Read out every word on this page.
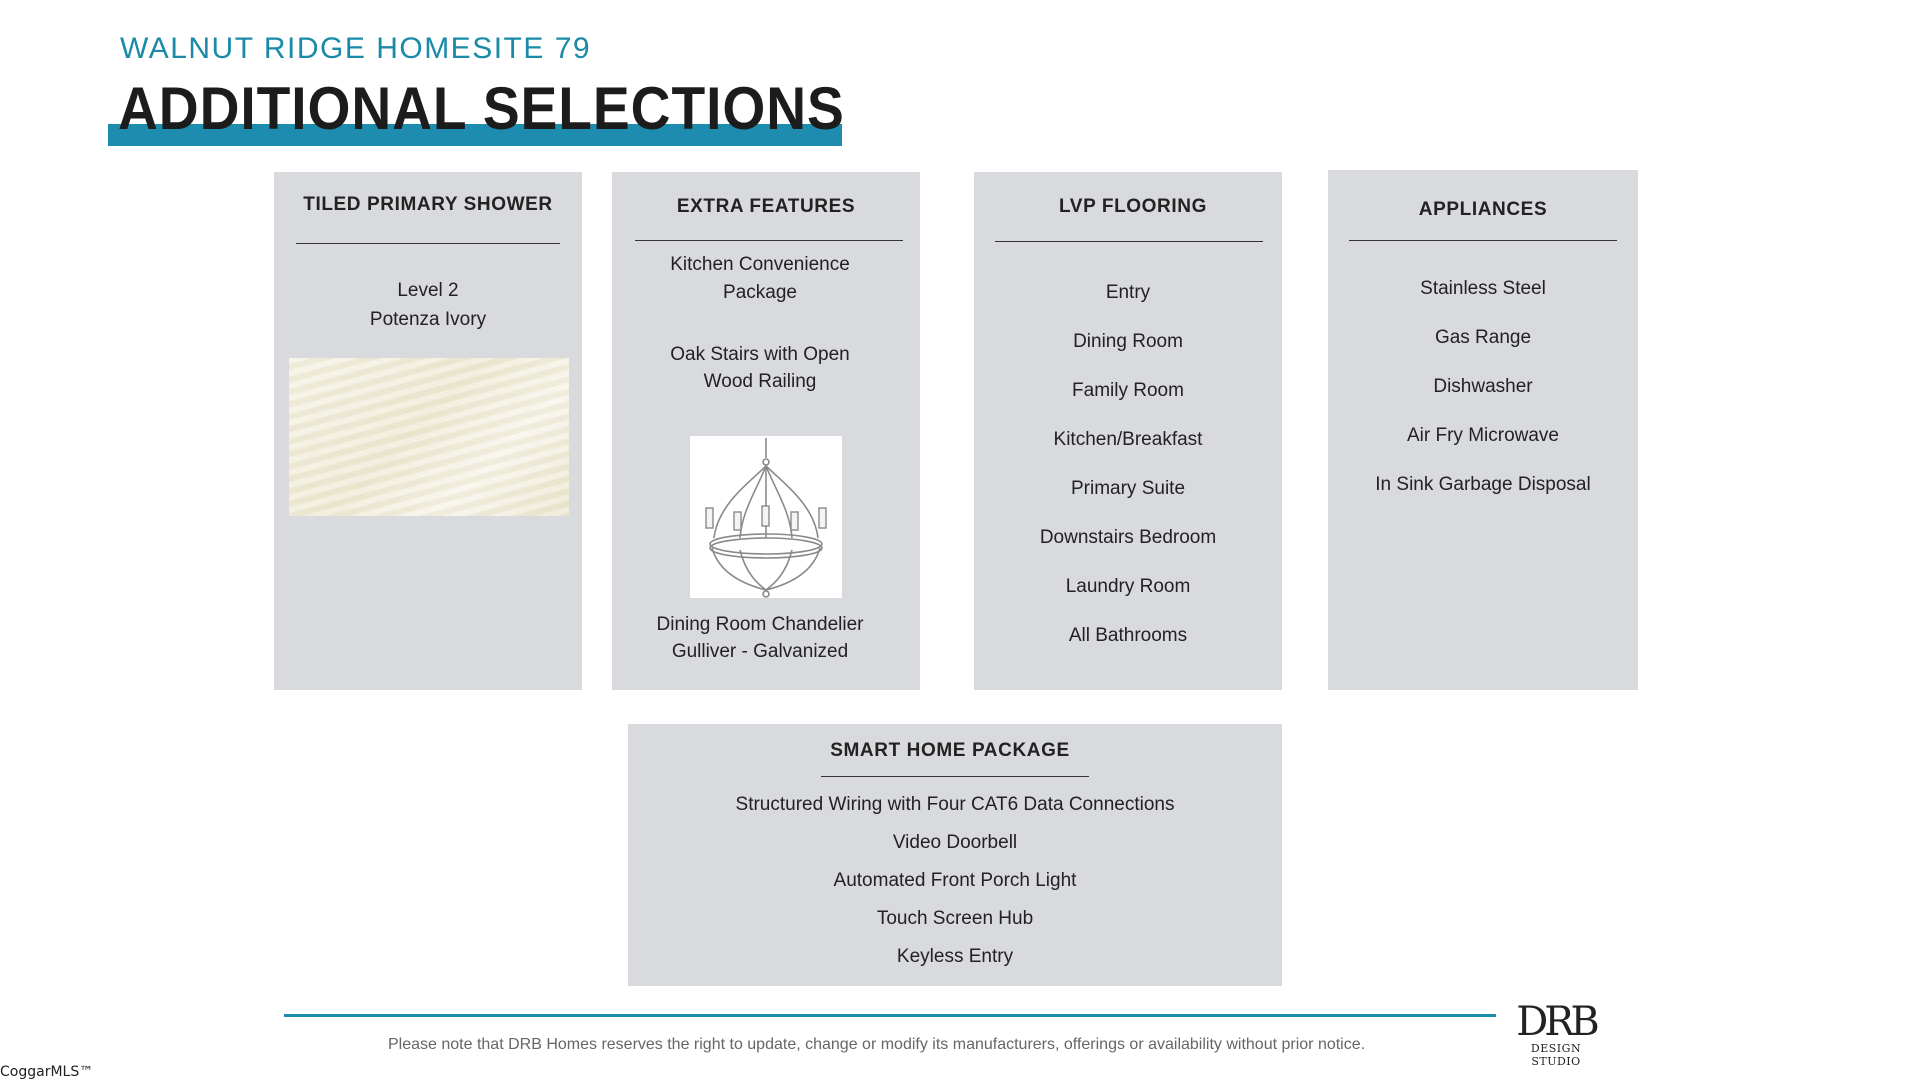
WALNUT RIDGE HOMESITE 79
ADDITIONAL SELECTIONS
TILED PRIMARY SHOWER
Level 2
Potenza Ivory
EXTRA FEATURES
Kitchen Convenience
Package
Oak Stairs with Open
Wood Railing
Dining Room Chandelier
Gulliver - Galvanized
LVP FLOORING
Entry
Dining Room
Family Room
Kitchen/Breakfast
Primary Suite
Downstairs Bedroom
Laundry Room
All Bathrooms
APPLIANCES
Stainless Steel
Gas Range
Dishwasher
Air Fry Microwave
In Sink Garbage Disposal
SMART HOME PACKAGE
Structured Wiring with Four CAT6 Data Connections
Video Doorbell
Automated Front Porch Light
Touch Screen Hub
Keyless Entry
Please note that DRB Homes reserves the right to update, change or modify its manufacturers, offerings or availability without prior notice.	DRB
DESIGN STUDIO
CoggarMLS™
